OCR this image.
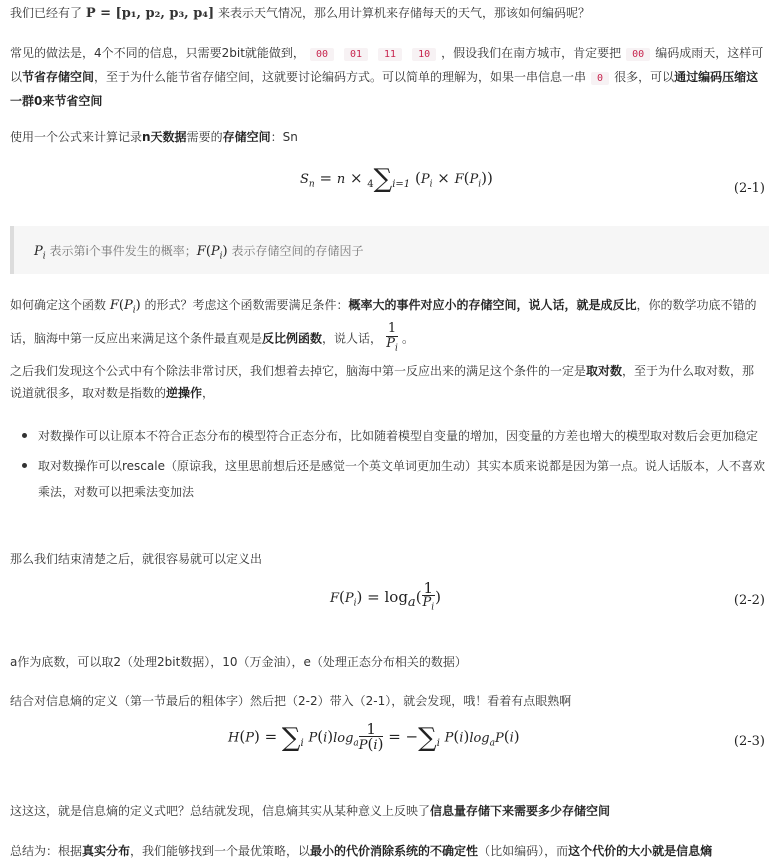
我们已经有了 P = [p₁, p₂, p₃, p₄] 来表示天气情况，那么用计算机来存储每天的天气，那该如何编码呢？
常见的做法是，4个不同的信息，只需要2bit就能做到， 00 01 11 10 ，假设我们在南方城市，肯定要把 00 编码成雨天，这样可以节省存储空间，至于为什么能节省存储空间，这就要讨论编码方式。可以简单的理解为，如果一串信息一串 0 很多，可以通过编码压缩这一群0来节省空间
使用一个公式来计算记录n天数据需要的存储空间：Sn
$S_n = n \times 4\sum i=1$ $(P_i \times F(P_i))$
(2-1)
$P_i$ 表示第i个事件发生的概率；$F(P_i)$ 表示存储空间的存储因子
如何确定这个函数 $F(P_i)$ 的形式？考虑这个函数需要满足条件：概率大的事件对应小的存储空间，说人话，就是成反比，你的数学功底不错的话，脑海中第一反应出来满足这个条件最直观是反比例函数，说人话， $\frac{1}{P_i}$ 。
之后我们发现这个公式中有个除法非常讨厌，我们想着去掉它，脑海中第一反应出来的满足这个条件的一定是取对数，至于为什么取对数，那说道就很多，取对数是指数的逆操作，
对数操作可以让原本不符合正态分布的模型符合正态分布，比如随着模型自变量的增加，因变量的方差也增大的模型取对数后会更加稳定
取对数操作可以rescale（原谅我，这里思前想后还是感觉一个英文单词更加生动）其实本质来说都是因为第一点。说人话版本，人不喜欢乘法，对数可以把乘法变加法
那么我们结束清楚之后，就很容易就可以定义出
$F(P_i) = \log_a( \frac{1}{P_i}$ )	(2-2)
a作为底数，可以取2（处理2bit数据），10（万金油），e（处理正态分布相关的数据）
结合对信息熵的定义（第一节最后的粗体字）然后把（2-2）带入（2-1），就会发现，哦！看着有点眼熟啊
H(P) = ∑i $P(i)\log_a \frac{1}{P(i)} = -\sum i$ $P(i)\log_aP(i)$	(2-3)
这这这，就是信息熵的定义式吧？总结就发现，信息熵其实从某种意义上反映了信息量存储下来需要多少存储空间
总结为：根据真实分布，我们能够找到一个最优策略，以最小的代价消除系统的不确定性（比如编码），而这个代价的大小就是信息熵
